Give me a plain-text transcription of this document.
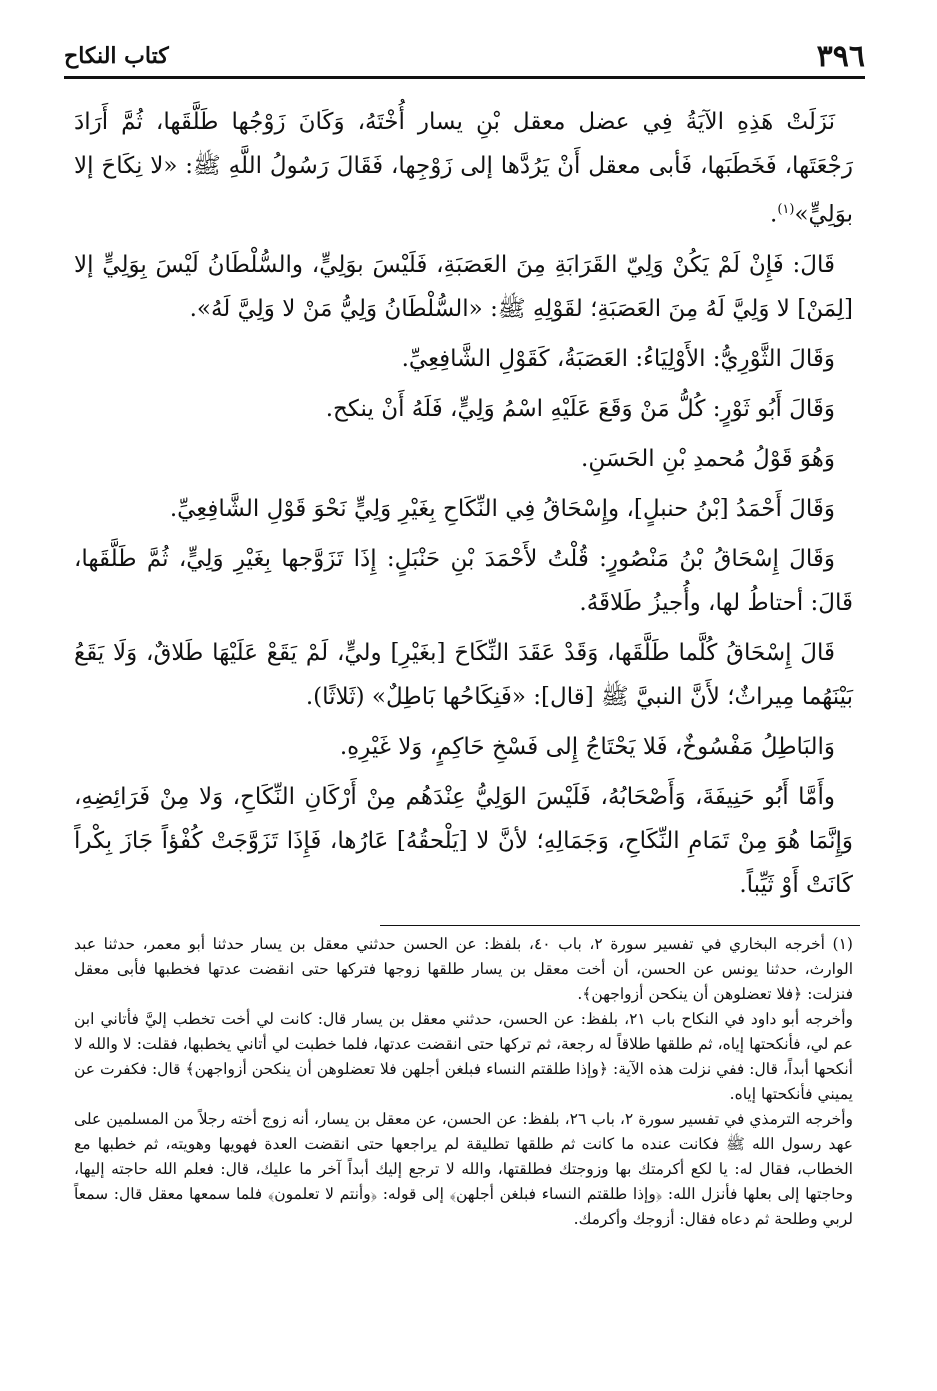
٣٩٦
كتاب النكاح

نَزَلَتْ هَذِهِ الآيَةُ فِي عضل معقل بْنِ يسار أُخْتَهُ، وَكَانَ زَوْجُها طَلَّقَها، ثُمَّ أَرَادَ رَجْعَتَها، فَخَطَبَها، فَأبى معقل أَنْ يَرُدَّها إلى زَوْجِها، فَقَالَ رَسُولُ اللَّهِ ﷺ: «لا نِكَاحَ إلا بوَلِيٍّ»$^{(١)}$.

قَالَ: فَإِنْ لَمْ يَكُنْ وَلِيّ القَرَابَةِ مِنَ العَصَبَةِ، فَلَيْسَ بوَلِيٍّ، والسُّلْطَانُ لَيْسَ بِوَلِيٍّ إلا [لِمَنْ] لا وَلِيَّ لَهُ مِنَ العَصَبَةِ؛ لقَوْلِهِ ﷺ: «السُّلْطَانُ وَلِيُّ مَنْ لا وَلِيَّ لَهُ».

وَقَالَ الثَّوْرِيُّ: الأَوْلِيَاءُ: العَصَبَةُ، كَقَوْلِ الشَّافِعِيِّ.

وَقَالَ أَبُو ثَوْرٍ: كُلُّ مَنْ وَقَعَ عَلَيْهِ اسْمُ وَلِيٍّ، فَلَهُ أَنْ ينكح.

وَهُوَ قَوْلُ مُحمدِ بْنِ الحَسَنِ.

وَقَالَ أَحْمَدُ [بْنُ حنبلٍ]، وإِسْحَاقُ فِي النِّكَاحِ بِغَيْرِ وَلِيٍّ نَحْوَ قَوْلِ الشَّافِعِيِّ.

وَقَالَ إِسْحَاقُ بْنُ مَنْصُورٍ: قُلْتُ لأَحْمَدَ بْنِ حَنْبَلٍ: إِذَا تَزَوَّجها بِغَيْرِ وَلِيٍّ، ثُمَّ طَلَّقَها، قَالَ: أحتاطُ لها، وأُجيزُ طَلاقَهُ.

قَالَ إِسْحَاقُ كُلَّما طَلَّقَها، وَقَدْ عَقَدَ النِّكَاحَ [بغَيْرِ] وليٍّ، لَمْ يَقَعْ عَلَيْهَا طَلاقٌ، وَلَا يَقَعُ بَيْنَهُما مِيراثٌ؛ لأَنَّ النبيَّ ﷺ [قال]: «فَنِكَاحُها بَاطِلٌ» (ثَلاثًا).

وَالبَاطِلُ مَفْسُوخٌ، فَلا يَحْتَاجُ إِلى فَسْخِ حَاكِمٍ، وَلا غَيْرِهِ.

وأَمَّا أَبُو حَنِيفَةَ، وَأَصْحَابُهُ، فَلَيْسَ الوَلِيُّ عِنْدَهُم مِنْ أَرْكَانِ النِّكَاحِ، وَلا مِنْ فَرَائِضِهِ، وَإِنَّمَا هُوَ مِنْ تَمَامِ النِّكَاحِ، وَجَمَالِهِ؛ لأنَّ لا [يَلْحقُهُ] عَارُها، فَإِذَا تَزَوَّجَتْ كُفْؤاً جَازَ بِكْراً كَانَتْ أَوْ ثَيِّباً.

(١) أخرجه البخاري في تفسير سورة ٢، باب ٤٠، بلفظ: عن الحسن حدثني معقل بن يسار حدثنا أبو معمر، حدثنا عبد الوارث، حدثنا يونس عن الحسن، أن أخت معقل بن يسار طلقها زوجها فتركها حتى انقضت عدتها فخطبها فأبى معقل فنزلت: ﴿فلا تعضلوهن أن ينكحن أزواجهن﴾.

وأخرجه أبو داود في النكاح باب ٢١، بلفظ: عن الحسن، حدثني معقل بن يسار قال: كانت لي أخت تخطب إليَّ فأتاني ابن عم لي، فأنكحتها إياه، ثم طلقها طلاقاً له رجعة، ثم تركها حتى انقضت عدتها، فلما خطبت لي أتاني يخطبها، فقلت: لا والله لا أنكحها أبداً، قال: ففي نزلت هذه الآية: ﴿وإذا طلقتم النساء فبلغن أجلهن فلا تعضلوهن أن ينكحن أزواجهن﴾ قال: فكفرت عن يميني فأنكحتها إياه.

وأخرجه الترمذي في تفسير سورة ٢، باب ٢٦، بلفظ: عن الحسن، عن معقل بن يسار، أنه زوج أخته رجلاً من المسلمين على عهد رسول الله ﷺ فكانت عنده ما كانت ثم طلقها تطليقة لم يراجعها حتى انقضت العدة فهويها وهويته، ثم خطبها مع الخطاب، فقال له: يا لكع أكرمتك بها وزوجتك فطلقتها، والله لا ترجع إليك أبداً آخر ما عليك، قال: فعلم الله حاجته إليها، وحاجتها إلى بعلها فأنزل الله: ﴿وإذا طلقتم النساء فبلغن أجلهن﴾ إلى قوله: ﴿وأنتم لا تعلمون﴾ فلما سمعها معقل قال: سمعاً لربي وطلحة ثم دعاه فقال: أزوجك وأكرمك.
